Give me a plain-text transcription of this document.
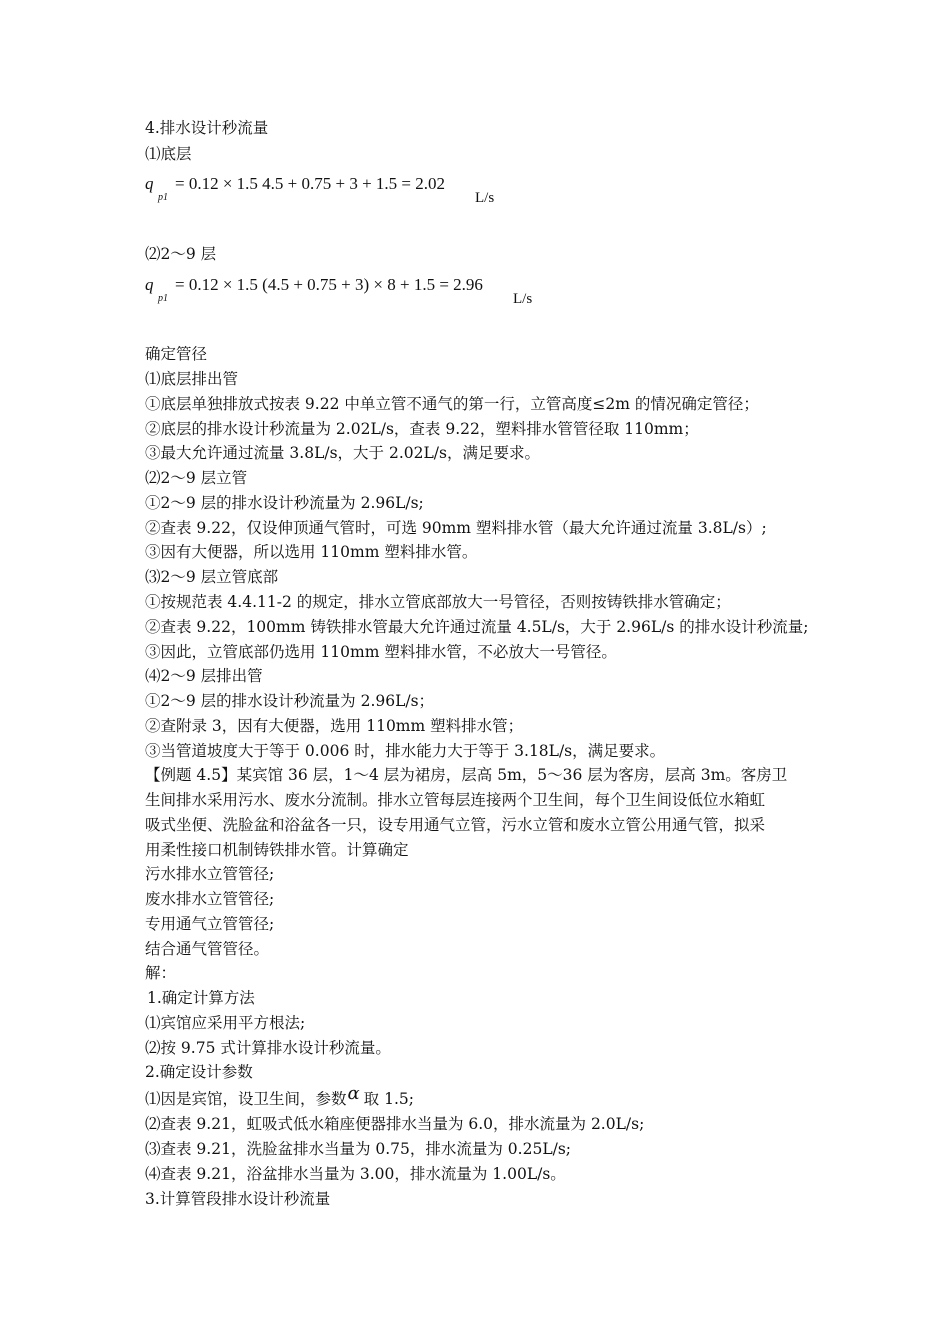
4.排水设计秒流量
⑴底层
q
p1
= 0.12 × 1.5 4.5 + 0.75 + 3 + 1.5 = 2.02
L/s
⑵2～9 层
q
p1
= 0.12 × 1.5 (4.5 + 0.75 + 3) × 8 + 1.5 = 2.96
L/s
确定管径
⑴底层排出管
①底层单独排放式按表 9.22 中单立管不通气的第一行，立管高度≤2m 的情况确定管径；
②底层的排水设计秒流量为 2.02L/s，查表 9.22，塑料排水管管径取 110mm；
③最大允许通过流量 3.8L/s，大于 2.02L/s，满足要求。
⑵2～9 层立管
①2～9 层的排水设计秒流量为 2.96L/s;
②查表 9.22，仅设伸顶通气管时，可选 90mm 塑料排水管（最大允许通过流量 3.8L/s）;
③因有大便器，所以选用 110mm 塑料排水管。
⑶2～9 层立管底部
①按规范表 4.4.11-2 的规定，排水立管底部放大一号管径，否则按铸铁排水管确定；
②查表 9.22，100mm 铸铁排水管最大允许通过流量 4.5L/s，大于 2.96L/s 的排水设计秒流量;
③因此，立管底部仍选用 110mm 塑料排水管，不必放大一号管径。
⑷2～9 层排出管
①2～9 层的排水设计秒流量为 2.96L/s；
②查附录 3，因有大便器，选用 110mm 塑料排水管；
③当管道坡度大于等于 0.006 时，排水能力大于等于 3.18L/s，满足要求。
【例题 4.5】某宾馆 36 层，1～4 层为裙房，层高 5m，5～36 层为客房，层高 3m。客房卫
生间排水采用污水、废水分流制。排水立管每层连接两个卫生间，每个卫生间设低位水箱虹
吸式坐便、洗脸盆和浴盆各一只，设专用通气立管，污水立管和废水立管公用通气管，拟采
用柔性接口机制铸铁排水管。计算确定
污水排水立管管径;
废水排水立管管径;
专用通气立管管径;
结合通气管管径。
解：
1.确定计算方法
⑴宾馆应采用平方根法;
⑵按 9.75 式计算排水设计秒流量。
2.确定设计参数
⑴因是宾馆，设卫生间，参数α 取 1.5;
⑵查表 9.21，虹吸式低水箱座便器排水当量为 6.0，排水流量为 2.0L/s;
⑶查表 9.21，洗脸盆排水当量为 0.75，排水流量为 0.25L/s;
⑷查表 9.21，浴盆排水当量为 3.00，排水流量为 1.00L/s。
3.计算管段排水设计秒流量
